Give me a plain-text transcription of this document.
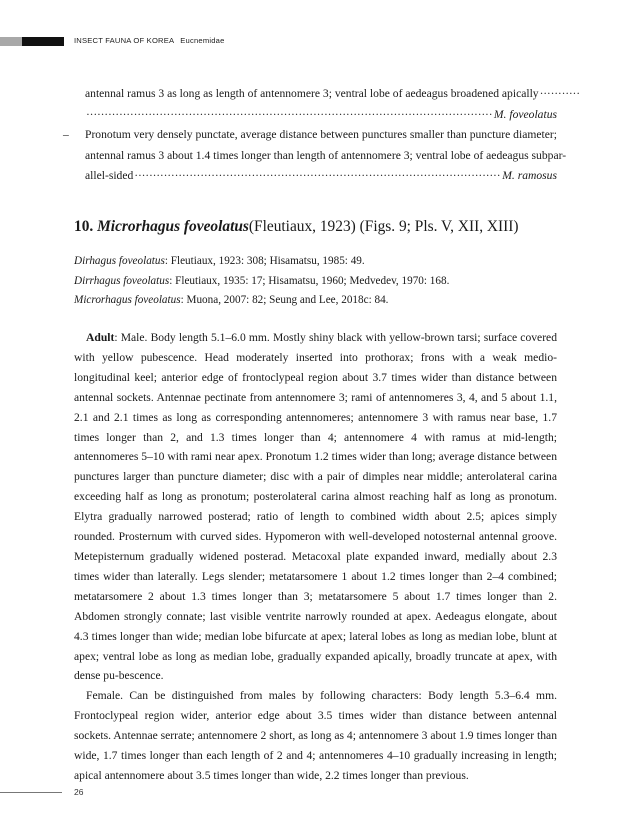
INSECT FAUNA OF KOREA Eucnemidae
antennal ramus 3 as long as length of antennomere 3; ventral lobe of aedeagus broadened apically
·····
·····
M. foveolatus
– Pronotum very densely punctate, average distance between punctures smaller than puncture diameter;
antennal ramus 3 about 1.4 times longer than length of antennomere 3; ventral lobe of aedeagus subpar-
allel-sided
·····	M. ramosus
10. Microrhagus foveolatus(Fleutiaux, 1923) (Figs. 9; Pls. V, XII, XIII)
Dirhagus foveolatus: Fleutiaux, 1923: 308; Hisamatsu, 1985: 49.
Dirrhagus foveolatus: Fleutiaux, 1935: 17; Hisamatsu, 1960; Medvedev, 1970: 168.
Microrhagus foveolatus: Muona, 2007: 82; Seung and Lee, 2018c: 84.

Adult: Male. Body length 5.1–6.0 mm. Mostly shiny black with yellow-brown tarsi; surface covered with yellow pubescence. Head moderately inserted into prothorax; frons with a weak medio-longitudinal keel; anterior edge of frontoclypeal region about 3.7 times wider than distance between antennal sockets. Antennae pectinate from antennomere 3; rami of antennomeres 3, 4, and 5 about 1.1, 2.1 and 2.1 times as long as corresponding antennomeres; antennomere 3 with ramus near base, 1.7 times longer than 2, and 1.3 times longer than 4; antennomere 4 with ramus at mid-length; antennomeres 5–10 with rami near apex. Pronotum 1.2 times wider than long; average distance between punctures larger than puncture diameter; disc with a pair of dimples near middle; anterolateral carina exceeding half as long as pronotum; posterolateral carina almost reaching half as long as pronotum. Elytra gradually narrowed posterad; ratio of length to combined width about 2.5; apices simply rounded. Prosternum with curved sides. Hypomeron with well-developed notosternal antennal groove. Metepisternum gradually widened posterad. Metacoxal plate expanded inward, medially about 2.3 times wider than laterally. Legs slender; metatarsomere 1 about 1.2 times longer than 2–4 combined; metatarsomere 2 about 1.3 times longer than 3; metatarsomere 5 about 1.7 times longer than 2. Abdomen strongly connate; last visible ventrite narrowly rounded at apex. Aedeagus elongate, about 4.3 times longer than wide; median lobe bifurcate at apex; lateral lobes as long as median lobe, blunt at apex; ventral lobe as long as median lobe, gradually expanded apically, broadly truncate at apex, with dense pu-bescence.

Female. Can be distinguished from males by following characters: Body length 5.3–6.4 mm. Frontoclypeal region wider, anterior edge about 3.5 times wider than distance between antennal sockets. Antennae serrate; antennomere 2 short, as long as 4; antennomere 3 about 1.9 times longer than wide, 1.7 times longer than each length of 2 and 4; antennomeres 4–10 gradually increasing in length; apical antennomere about 3.5 times longer than wide, 2.2 times longer than previous.

26
